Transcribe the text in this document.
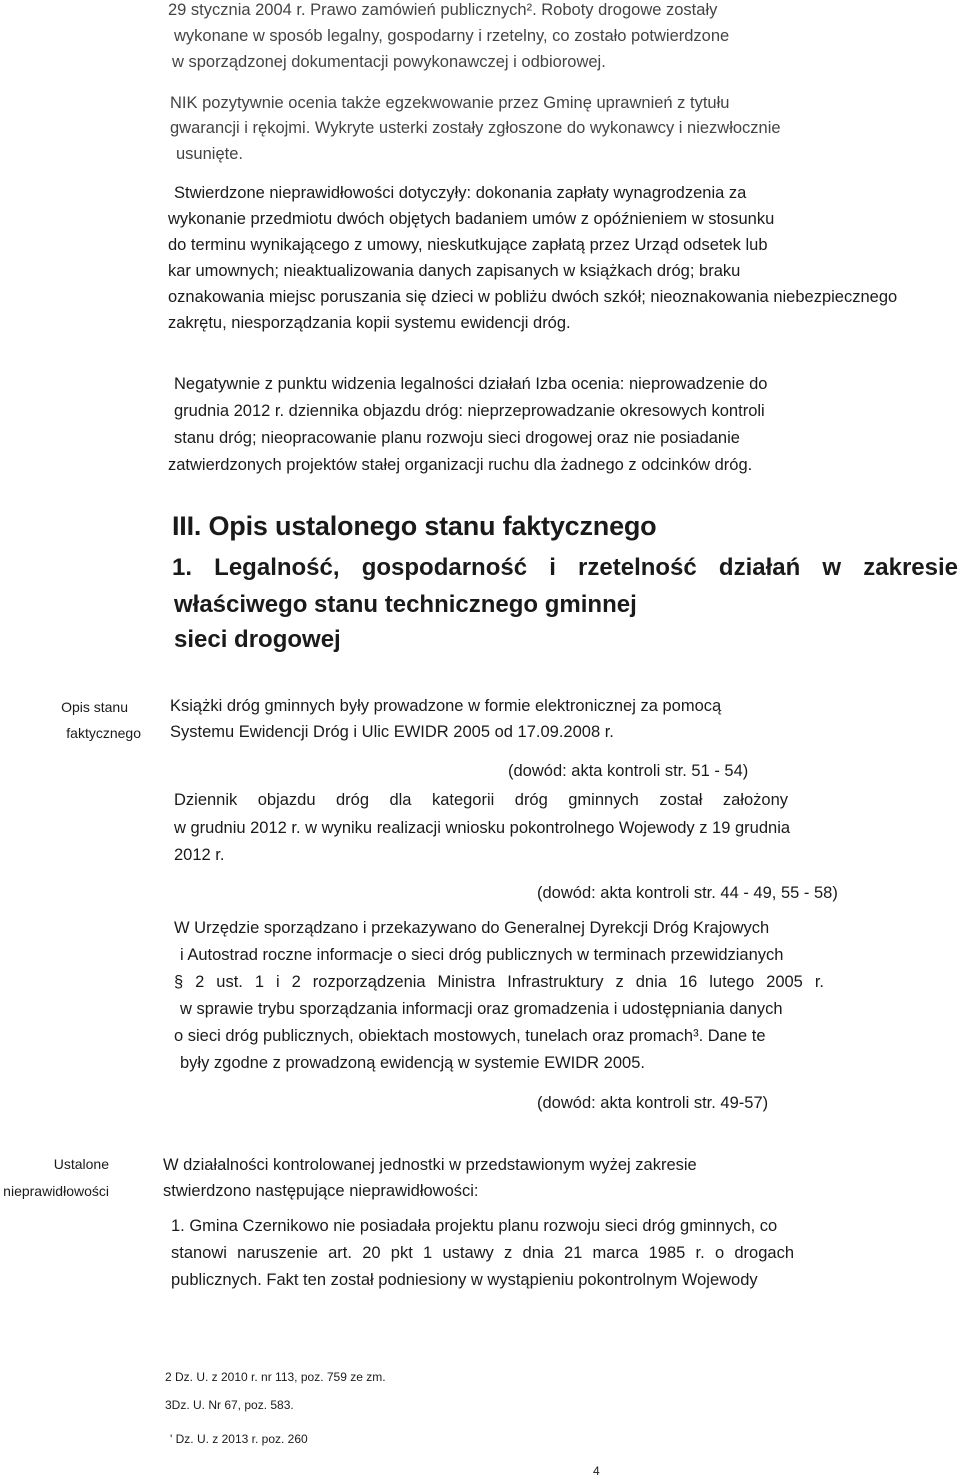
29 stycznia 2004 r. Prawo zamówień publicznych². Roboty drogowe zostały
wykonane w sposób legalny, gospodarny i rzetelny, co zostało potwierdzone
w sporządzonej dokumentacji powykonawczej i odbiorowej.
NIK pozytywnie ocenia także egzekwowanie przez Gminę uprawnień z tytułu
gwarancji i rękojmi. Wykryte usterki zostały zgłoszone do wykonawcy i niezwłocznie
usunięte.
Stwierdzone nieprawidłowości dotyczyły: dokonania zapłaty wynagrodzenia za
wykonanie przedmiotu dwóch objętych badaniem umów z opóźnieniem w stosunku
do terminu wynikającego z umowy, nieskutkujące zapłatą przez Urząd odsetek lub
kar umownych; nieaktualizowania danych zapisanych w książkach dróg; braku
oznakowania miejsc poruszania się dzieci w pobliżu dwóch szkół; nieoznakowania niebezpiecznego
zakrętu, niesporządzania kopii systemu ewidencji dróg.
Negatywnie z punktu widzenia legalności działań Izba ocenia: nieprowadzenie do
grudnia 2012 r. dziennika objazdu dróg: nieprzeprowadzanie okresowych kontroli
stanu dróg; nieopracowanie planu rozwoju sieci drogowej oraz nie posiadanie
zatwierdzonych projektów stałej organizacji ruchu dla żadnego z odcinków dróg.
III. Opis ustalonego stanu faktycznego
1. Legalność, gospodarność i rzetelność działań w zakresie
właściwego stanu technicznego gminnej
sieci drogowej
Opis stanu
faktycznego
Książki dróg gminnych były prowadzone w formie elektronicznej za pomocą
Systemu Ewidencji Dróg i Ulic EWIDR 2005 od 17.09.2008 r.
(dowód: akta kontroli str. 51 - 54)
Dziennik objazdu dróg dla kategorii dróg gminnych został założony
w grudniu 2012 r. w wyniku realizacji wniosku pokontrolnego Wojewody z 19 grudnia
2012 r.
(dowód: akta kontroli str. 44 - 49, 55 - 58)
W Urzędzie sporządzano i przekazywano do Generalnej Dyrekcji Dróg Krajowych
i Autostrad roczne informacje o sieci dróg publicznych w terminach przewidzianych
§ 2 ust. 1 i 2 rozporządzenia Ministra Infrastruktury z dnia 16 lutego 2005 r.
w sprawie trybu sporządzania informacji oraz gromadzenia i udostępniania danych
o sieci dróg publicznych, obiektach mostowych, tunelach oraz promach³. Dane te
były zgodne z prowadzoną ewidencją w systemie EWIDR 2005.
(dowód: akta kontroli str. 49-57)
Ustalone
nieprawidłowości
W działalności kontrolowanej jednostki w przedstawionym wyżej zakresie
stwierdzono następujące nieprawidłowości:
1. Gmina Czernikowo nie posiadała projektu planu rozwoju sieci dróg gminnych, co
stanowi naruszenie art. 20 pkt 1 ustawy z dnia 21 marca 1985 r. o drogach
publicznych. Fakt ten został podniesiony w wystąpieniu pokontrolnym Wojewody
2 Dz. U. z 2010 r. nr 113, poz. 759 ze zm.
3Dz. U. Nr 67, poz. 583.
' Dz. U. z 2013 r. poz. 260
4
